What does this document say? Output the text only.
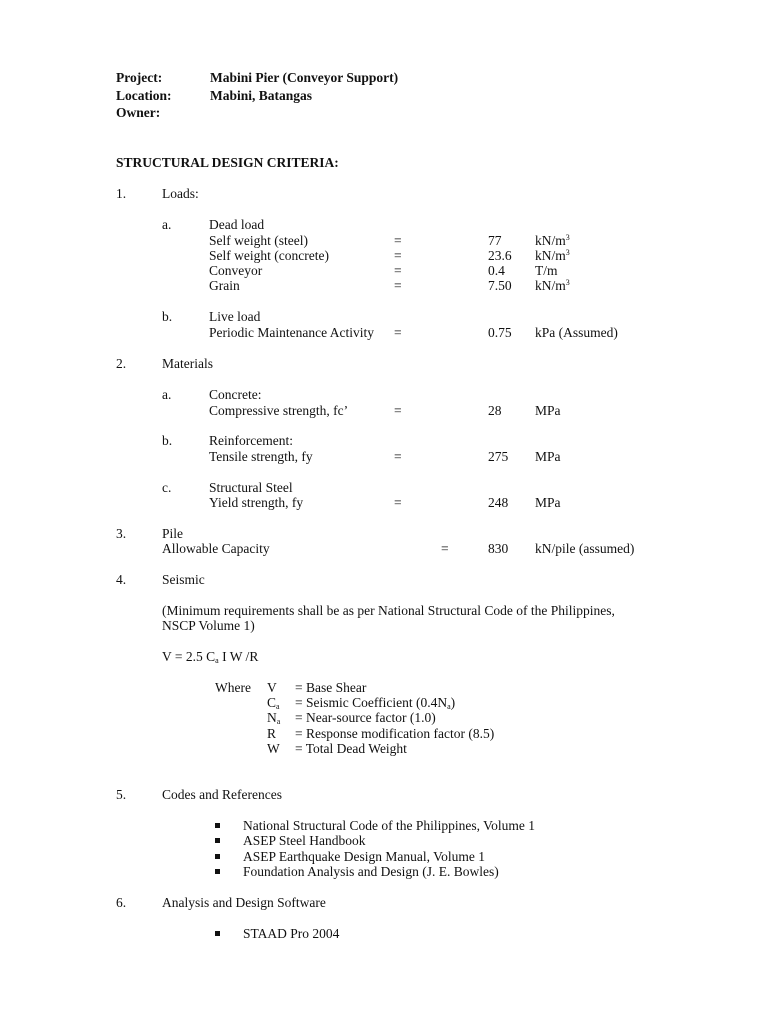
Project:	Mabini Pier (Conveyor Support)
Location:	Mabini, Batangas
Owner:
STRUCTURAL DESIGN CRITERIA:
1.	Loads:
a.	Dead load
Self weight (steel)	=	77 $kN/m^3$
Self weight (concrete)	=	23.6 $kN/m^3$
Conveyor	=	0.4 T/m
Grain	=	7.50 $kN/m^3$
b.	Live load
Periodic Maintenance Activity =	0.75 kPa (Assumed)
2.	Materials
a.	Concrete:
Compressive strength, fc’	=	28 MPa
b.	Reinforcement:
Tensile strength, fy	=	275 MPa
c.	Structural Steel
Yield strength, fy	=	248 MPa
3.	Pile
Allowable Capacity	=	830 kN/pile (assumed)
4.	Seismic
(Minimum requirements shall be as per National Structural Code of the Philippines,
NSCP Volume 1)
V = 2.5 $C_a$ I W /R
Where V = Base Shear
$C_a$ = Seismic Coefficient $(0.4N_a)$
$N_a$ = Near-source factor (1.0)
R = Response modification factor (8.5)
W = Total Dead Weight
5.	Codes and References
National Structural Code of the Philippines, Volume 1
ASEP Steel Handbook
ASEP Earthquake Design Manual, Volume 1
Foundation Analysis and Design (J. E. Bowles)
6.	Analysis and Design Software
STAAD Pro 2004
